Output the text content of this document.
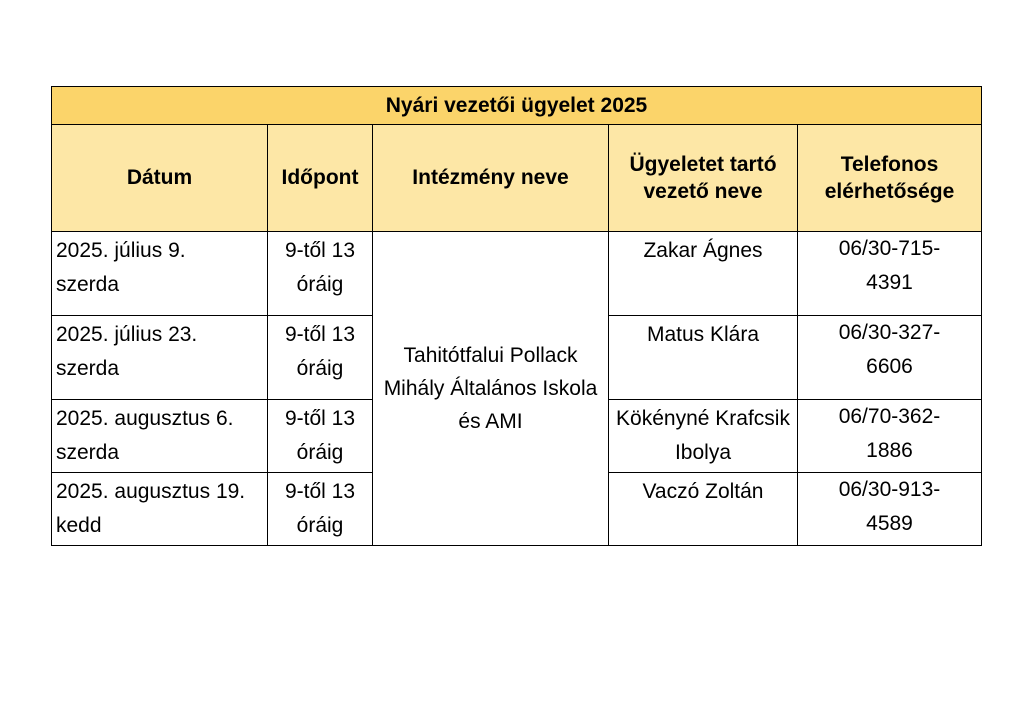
Nyári vezetői ügyelet 2025				
Dátum	Időpont	Intézmény neve	Ügyeletet tartó vezető neve	Telefonos elérhetősége
2025. július 9. szerda	9-től 13 óráig	Tahitótfalui Pollack Mihály Általános Iskola és AMI	Zakar Ágnes	06/30-715-4391
2025. július 23. szerda	9-től 13 óráig		Matus Klára	06/30-327-6606
2025. augusztus 6. szerda	9-től 13 óráig		Kökényné Krafcsik Ibolya	06/70-362-1886
2025. augusztus 19. kedd	9-től 13 óráig		Vaczó Zoltán	06/30-913-4589
